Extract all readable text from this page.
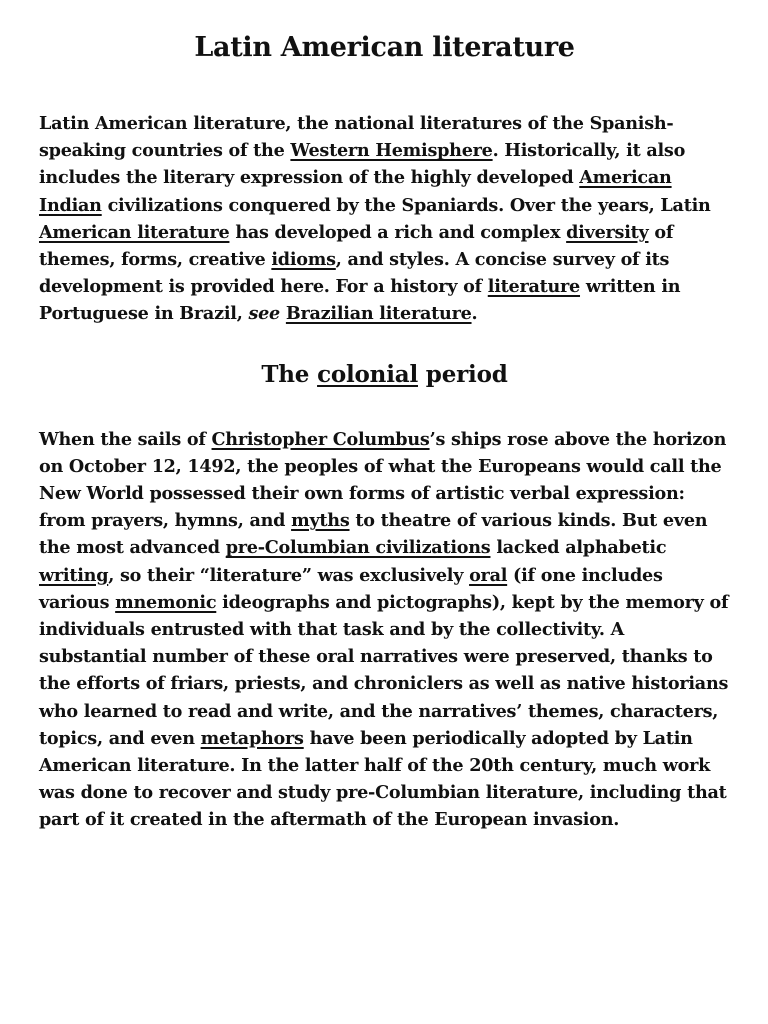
Latin American literature

Latin American literature, the national literatures of the Spanish-speaking countries of the Western Hemisphere. Historically, it also includes the literary expression of the highly developed American Indian civilizations conquered by the Spaniards. Over the years, Latin American literature has developed a rich and complex diversity of themes, forms, creative idioms, and styles. A concise survey of its development is provided here. For a history of literature written in Portuguese in Brazil, see Brazilian literature.

The colonial period

When the sails of Christopher Columbus’s ships rose above the horizon on October 12, 1492, the peoples of what the Europeans would call the New World possessed their own forms of artistic verbal expression: from prayers, hymns, and myths to theatre of various kinds. But even the most advanced pre-Columbian civilizations lacked alphabetic writing, so their “literature” was exclusively oral (if one includes various mnemonic ideographs and pictographs), kept by the memory of individuals entrusted with that task and by the collectivity. A substantial number of these oral narratives were preserved, thanks to the efforts of friars, priests, and chroniclers as well as native historians who learned to read and write, and the narratives’ themes, characters, topics, and even metaphors have been periodically adopted by Latin American literature. In the latter half of the 20th century, much work was done to recover and study pre-Columbian literature, including that part of it created in the aftermath of the European invasion.
